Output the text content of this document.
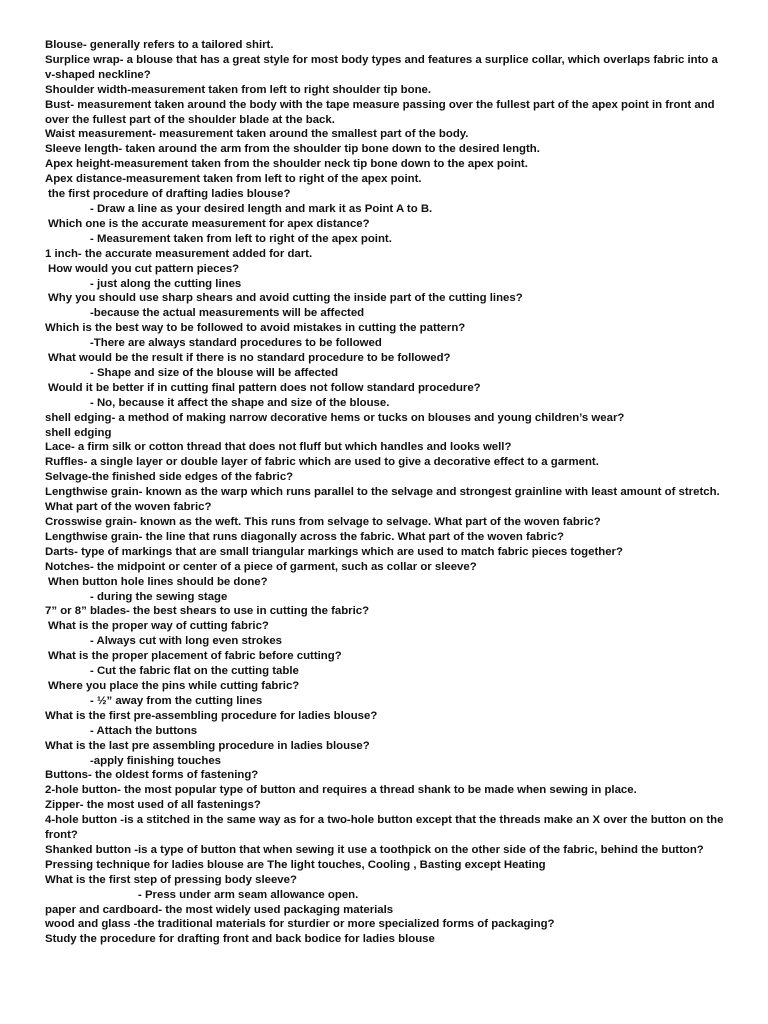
Blouse- generally refers to a tailored shirt.

Surplice wrap- a blouse that has a great style for most body types and features a surplice collar, which overlaps fabric into a v-shaped neckline?

Shoulder width-measurement taken from left to right shoulder tip bone.

Bust- measurement taken around the body with the tape measure passing over the fullest part of the apex point in front and over the fullest part of the shoulder blade at the back.

Waist measurement- measurement taken around the smallest part of the body.

Sleeve length- taken around the arm from the shoulder tip bone down to the desired length.

Apex height-measurement taken from the shoulder neck tip bone down to the apex point.

Apex distance-measurement taken from left to right of the apex point.

the first procedure of drafting ladies blouse?

- Draw a line as your desired length and mark it as Point A to B.

Which one is the accurate measurement for apex distance?

- Measurement taken from left to right of the apex point.

1 inch- the accurate measurement added for dart.

How would you cut pattern pieces?

- just along the cutting lines

Why you should use sharp shears and avoid cutting the inside part of the cutting lines?

-because the actual measurements will be affected

Which is the best way to be followed to avoid mistakes in cutting the pattern?

-There are always standard procedures to be followed

What would be the result if there is no standard procedure to be followed?

- Shape and size of the blouse will be affected

Would it be better if in cutting final pattern does not follow standard procedure?

- No, because it affect the shape and size of the blouse.

shell edging- a method of making narrow decorative hems or tucks on blouses and young children’s wear?

shell edging

Lace- a firm silk or cotton thread that does not fluff but which handles and looks well?

Ruffles- a single layer or double layer of fabric which are used to give a decorative effect to a garment.

Selvage-the finished side edges of the fabric?

Lengthwise grain- known as the warp which runs parallel to the selvage and strongest grainline with least amount of stretch. What part of the woven fabric?

Crosswise grain- known as the weft. This runs from selvage to selvage. What part of the woven fabric?

Lengthwise grain- the line that runs diagonally across the fabric. What part of the woven fabric?

Darts- type of markings that are small triangular markings which are used to match fabric pieces together?

Notches- the midpoint or center of a piece of garment, such as collar or sleeve?

When button hole lines should be done?

- during the sewing stage

7” or 8” blades- the best shears to use in cutting the fabric?

What is the proper way of cutting fabric?

- Always cut with long even strokes

What is the proper placement of fabric before cutting?

- Cut the fabric flat on the cutting table

Where you place the pins while cutting fabric?

- ½” away from the cutting lines

What is the first pre-assembling procedure for ladies blouse?

- Attach the buttons

What is the last pre assembling procedure in ladies blouse?

-apply finishing touches

Buttons- the oldest forms of fastening?

2-hole button- the most popular type of button and requires a thread shank to be made when sewing in place.

Zipper- the most used of all fastenings?

4-hole button -is a stitched in the same way as for a two-hole button except that the threads make an X over the button on the front?

Shanked button -is a type of button that when sewing it use a toothpick on the other side of the fabric, behind the button?

Pressing technique for ladies blouse are The light touches, Cooling , Basting except Heating

What is the first step of pressing body sleeve?

- Press under arm seam allowance open.

paper and cardboard- the most widely used packaging materials

wood and glass -the traditional materials for sturdier or more specialized forms of packaging?

Study the procedure for drafting front and back bodice for ladies blouse
